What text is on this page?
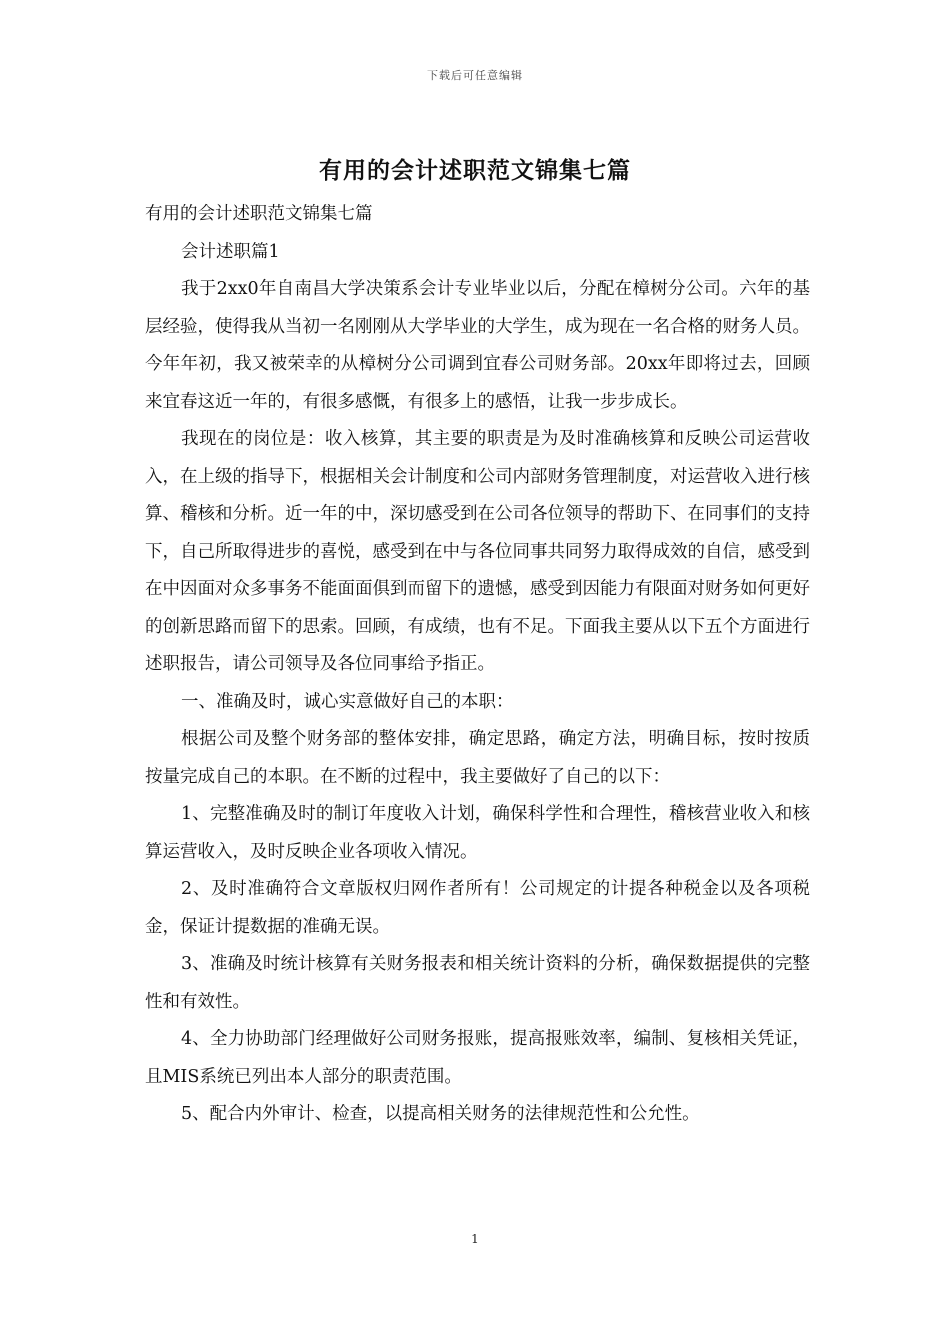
下载后可任意编辑
有用的会计述职范文锦集七篇

有用的会计述职范文锦集七篇

会计述职篇1

我于2xx0年自南昌大学决策系会计专业毕业以后，分配在樟树分公司。六年的基层经验，使得我从当初一名刚刚从大学毕业的大学生，成为现在一名合格的财务人员。今年年初，我又被荣幸的从樟树分公司调到宜春公司财务部。20xx年即将过去，回顾来宜春这近一年的，有很多感慨，有很多上的感悟，让我一步步成长。

我现在的岗位是：收入核算，其主要的职责是为及时准确核算和反映公司运营收入，在上级的指导下，根据相关会计制度和公司内部财务管理制度，对运营收入进行核算、稽核和分析。近一年的中，深切感受到在公司各位领导的帮助下、在同事们的支持下，自己所取得进步的喜悦，感受到在中与各位同事共同努力取得成效的自信，感受到在中因面对众多事务不能面面俱到而留下的遗憾，感受到因能力有限面对财务如何更好的创新思路而留下的思索。回顾，有成绩，也有不足。下面我主要从以下五个方面进行述职报告，请公司领导及各位同事给予指正。

一、准确及时，诚心实意做好自己的本职：

根据公司及整个财务部的整体安排，确定思路，确定方法，明确目标，按时按质按量完成自己的本职。在不断的过程中，我主要做好了自己的以下：

1、完整准确及时的制订年度收入计划，确保科学性和合理性，稽核营业收入和核算运营收入，及时反映企业各项收入情况。

2、及时准确符合文章版权归网作者所有！公司规定的计提各种税金以及各项税金，保证计提数据的准确无误。

3、准确及时统计核算有关财务报表和相关统计资料的分析，确保数据提供的完整性和有效性。

4、全力协助部门经理做好公司财务报账，提高报账效率，编制、复核相关凭证，且MIS系统已列出本人部分的职责范围。

5、配合内外审计、检查，以提高相关财务的法律规范性和公允性。

1
